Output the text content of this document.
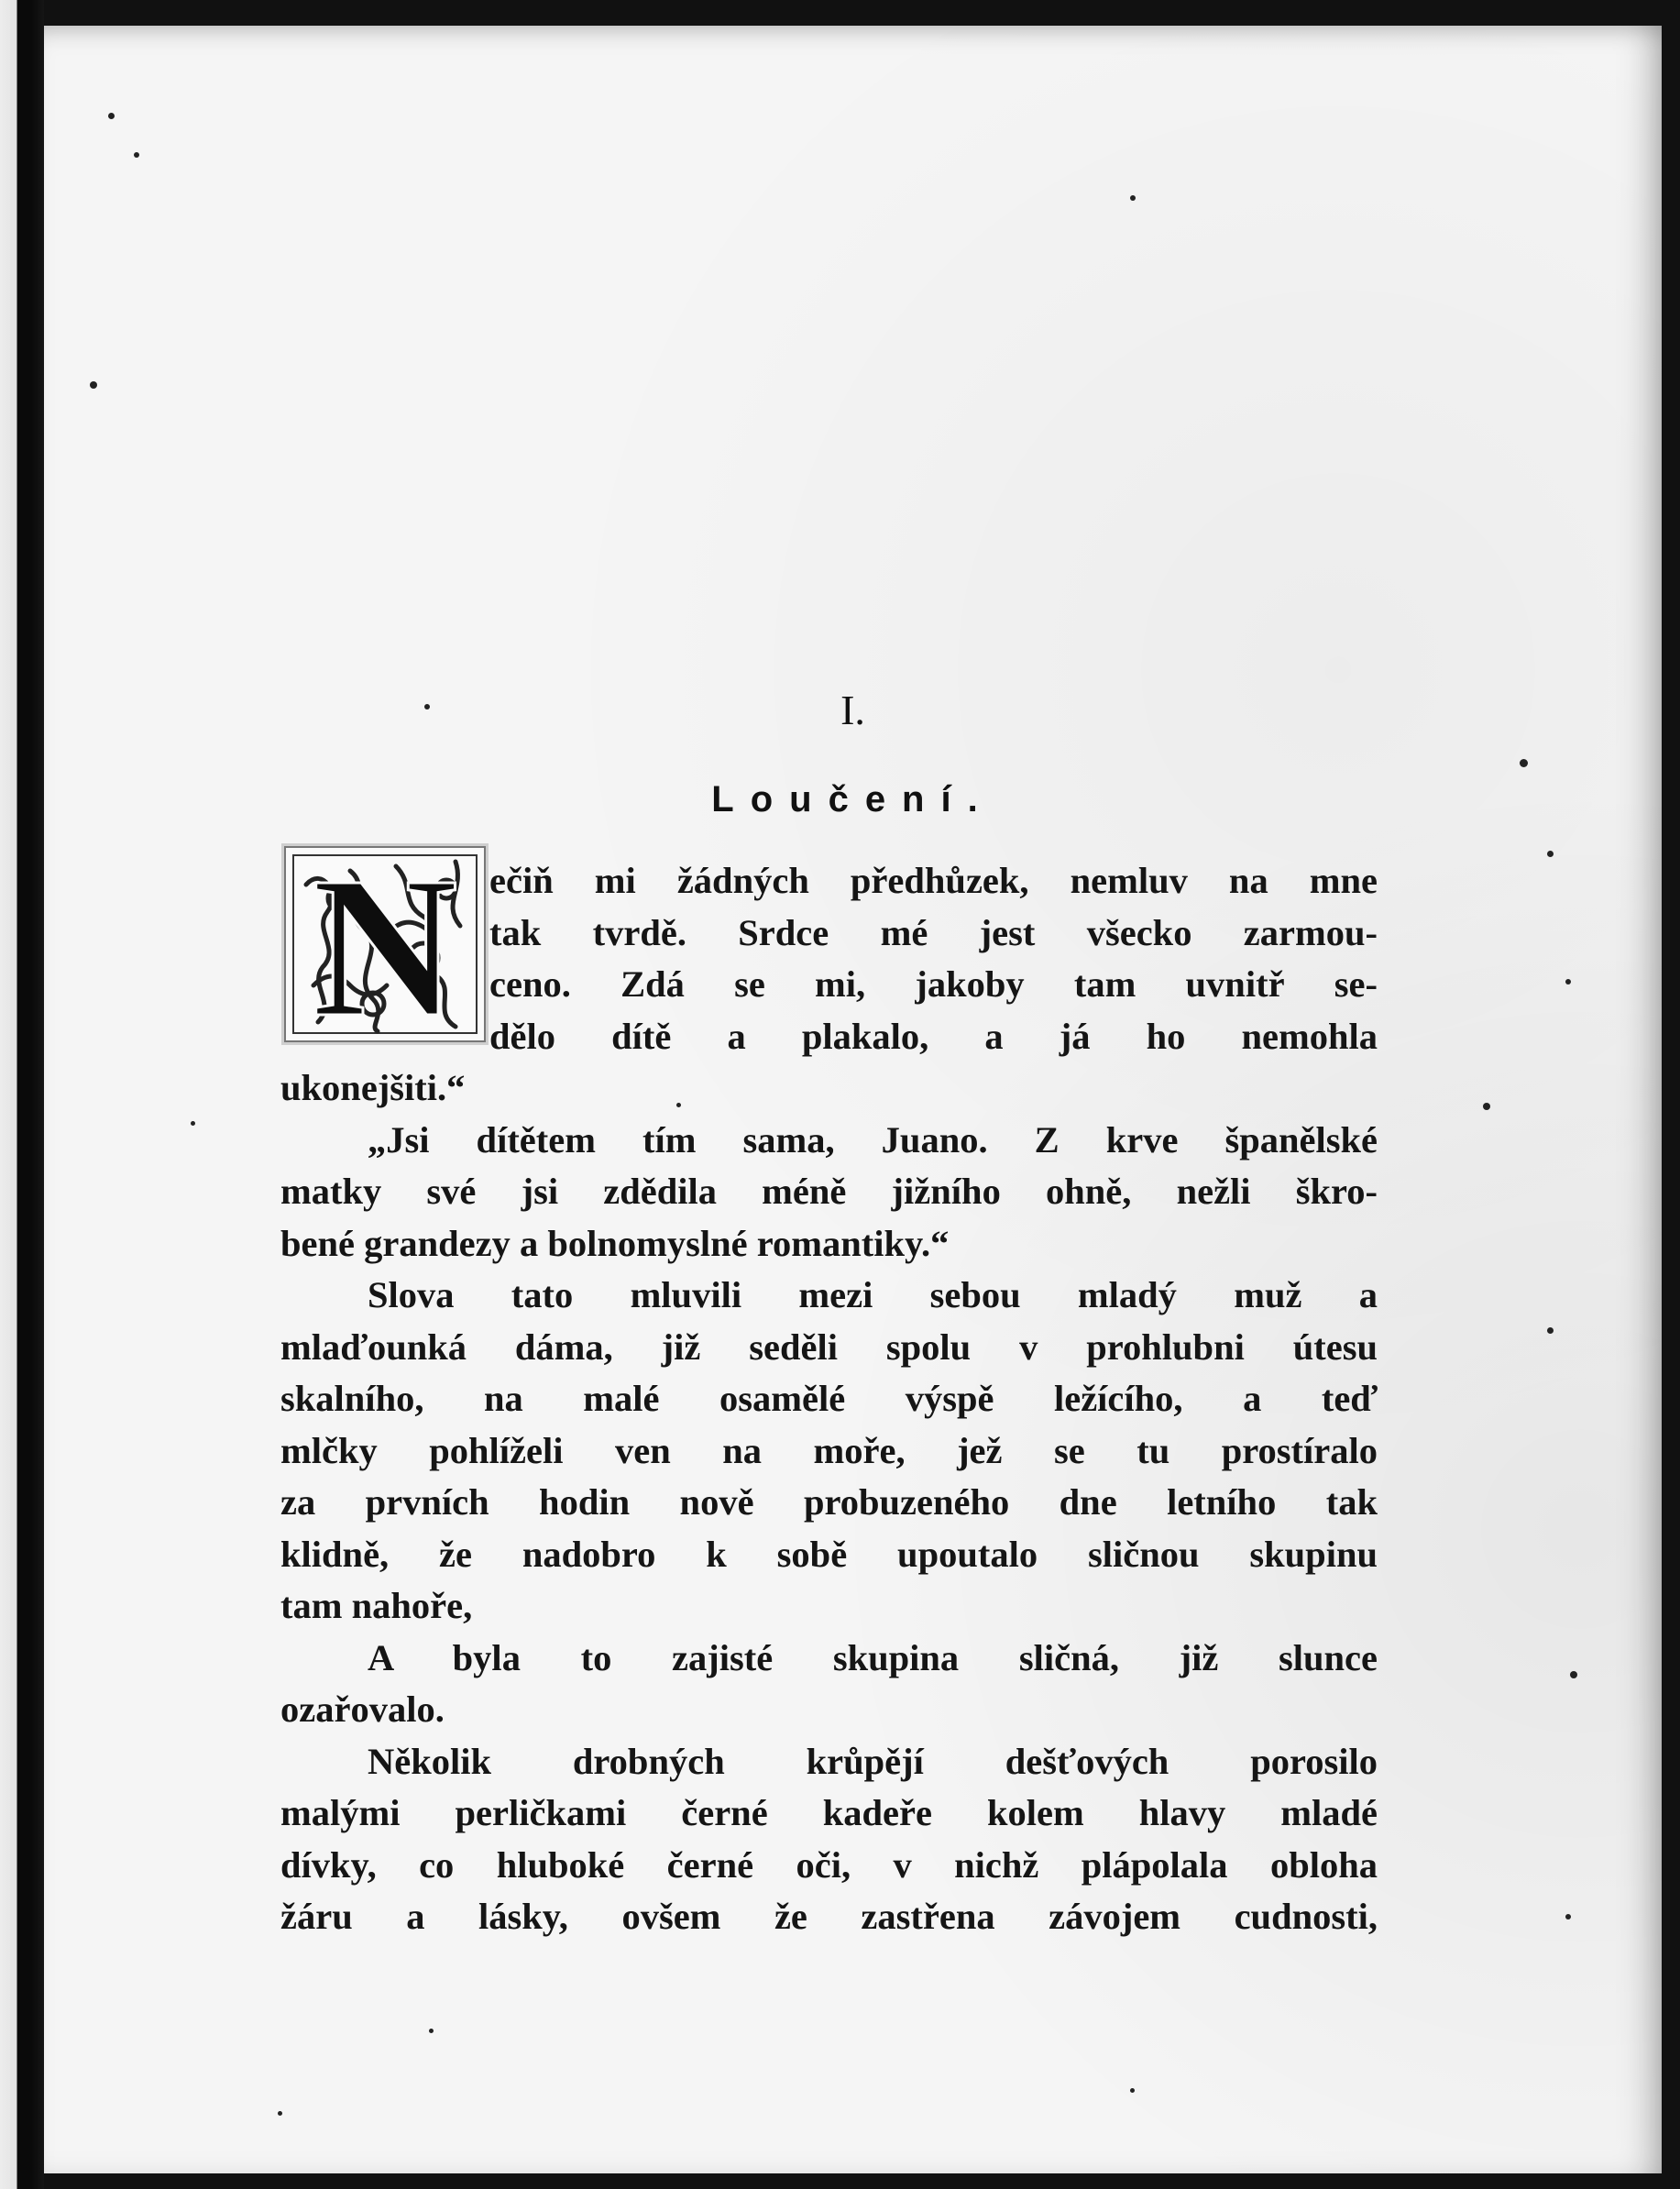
I.
Loučení.
N ečiň mi žádných předhůzek, nemluv na mne
tak tvrdě. Srdce mé jest všecko zarmou-
ceno. Zdá se mi, jakoby tam uvnitř se-
dělo dítě a plakalo, a já ho nemohla
ukonejšiti.“
„Jsi dítětem tím sama, Juano. Z krve španělské
matky své jsi zdědila méně jižního ohně, nežli škro-
bené grandezy a bolnomyslné romantiky.“
Slova tato mluvili mezi sebou mladý muž a
mlaďounká dáma, již seděli spolu v prohlubni útesu
skalního, na malé osamělé výspě ležícího, a teď
mlčky pohlíželi ven na moře, jež se tu prostíralo
za prvních hodin nově probuzeného dne letního tak
klidně, že nadobro k sobě upoutalo sličnou skupinu
tam nahoře,
A byla to zajisté skupina sličná, již slunce
ozařovalo.
Několik drobných krůpějí dešťových porosilo
malými perličkami černé kadeře kolem hlavy mladé
dívky, co hluboké černé oči, v nichž plápolala obloha
žáru a lásky, ovšem že zastřena závojem cudnosti,
